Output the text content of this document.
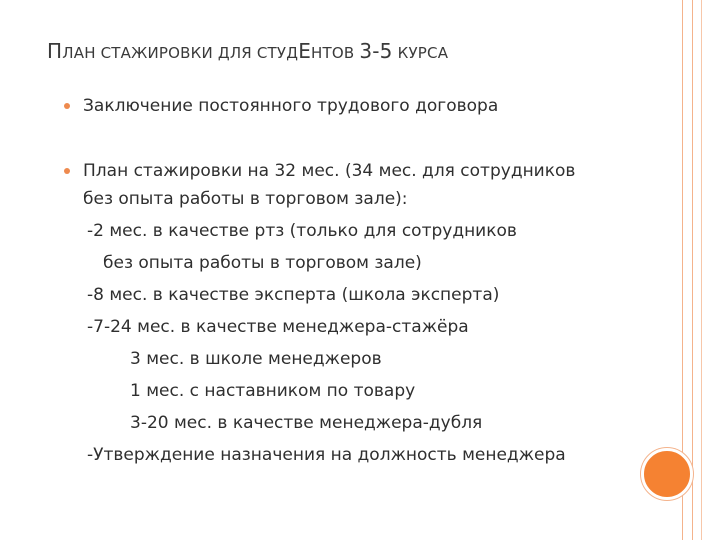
ПЛАН СТАЖИРОВКИ ДЛЯ СТУДЕНТОВ 3-5 КУРСА
Заключение постоянного трудового договора
План стажировки на 32 мес. (34 мес. для сотрудников
без опыта работы в торговом зале):
-2 мес. в качестве ртз (только для сотрудников
без опыта работы в торговом зале)
-8 мес. в качестве эксперта (школа эксперта)
-7-24 мес. в качестве менеджера-стажёра
3 мес. в школе менеджеров
1 мес. с наставником по товару
3-20 мес. в качестве менеджера-дубля
-Утверждение назначения на должность менеджера
